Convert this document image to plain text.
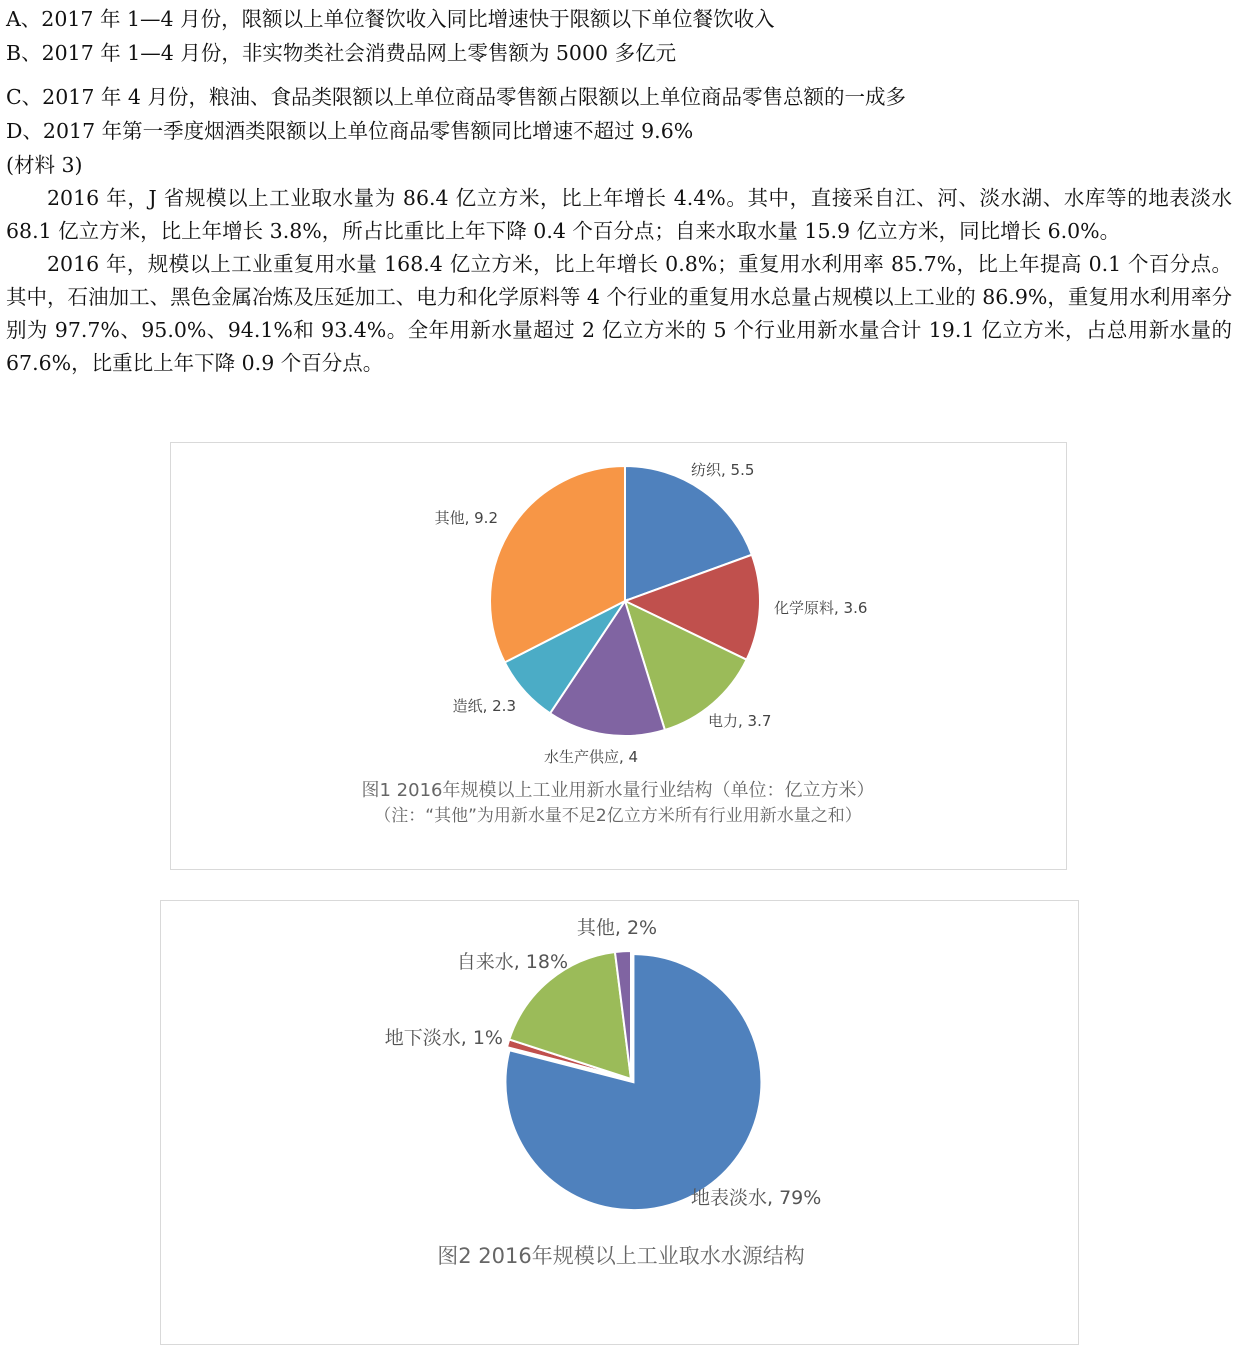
A、2017 年 1—4 月份，限额以上单位餐饮收入同比增速快于限额以下单位餐饮收入
B、2017 年 1—4 月份，非实物类社会消费品网上零售额为 5000 多亿元
C、2017 年 4 月份，粮油、食品类限额以上单位商品零售额占限额以上单位商品零售总额的一成多
D、2017 年第一季度烟酒类限额以上单位商品零售额同比增速不超过 9.6%
(材料 3)

2016 年，J 省规模以上工业取水量为 86.4 亿立方米，比上年增长 4.4%。其中，直接采自江、河、淡水湖、水库等的地表淡水 68.1 亿立方米，比上年增长 3.8%，所占比重比上年下降 0.4 个百分点；自来水取水量 15.9 亿立方米，同比增长 6.0%。

2016 年，规模以上工业重复用水量 168.4 亿立方米，比上年增长 0.8%；重复用水利用率 85.7%，比上年提高 0.1 个百分点。其中，石油加工、黑色金属冶炼及压延加工、电力和化学原料等 4 个行业的重复用水总量占规模以上工业的 86.9%，重复用水利用率分别为 97.7%、95.0%、94.1%和 93.4%。全年用新水量超过 2 亿立方米的 5 个行业用新水量合计 19.1 亿立方米，占总用新水量的 67.6%，比重比上年下降 0.9 个百分点。

纺织, 5.5
化学原料, 3.6
电力, 3.7
水生产供应, 4
造纸, 2.3
其他, 9.2
图1 2016年规模以上工业用新水量行业结构（单位：亿立方米）
（注：“其他”为用新水量不足2亿立方米所有行业用新水量之和）
地表淡水, 79%
地下淡水, 1%
自来水, 18%
其他, 2%
图2 2016年规模以上工业取水水源结构
